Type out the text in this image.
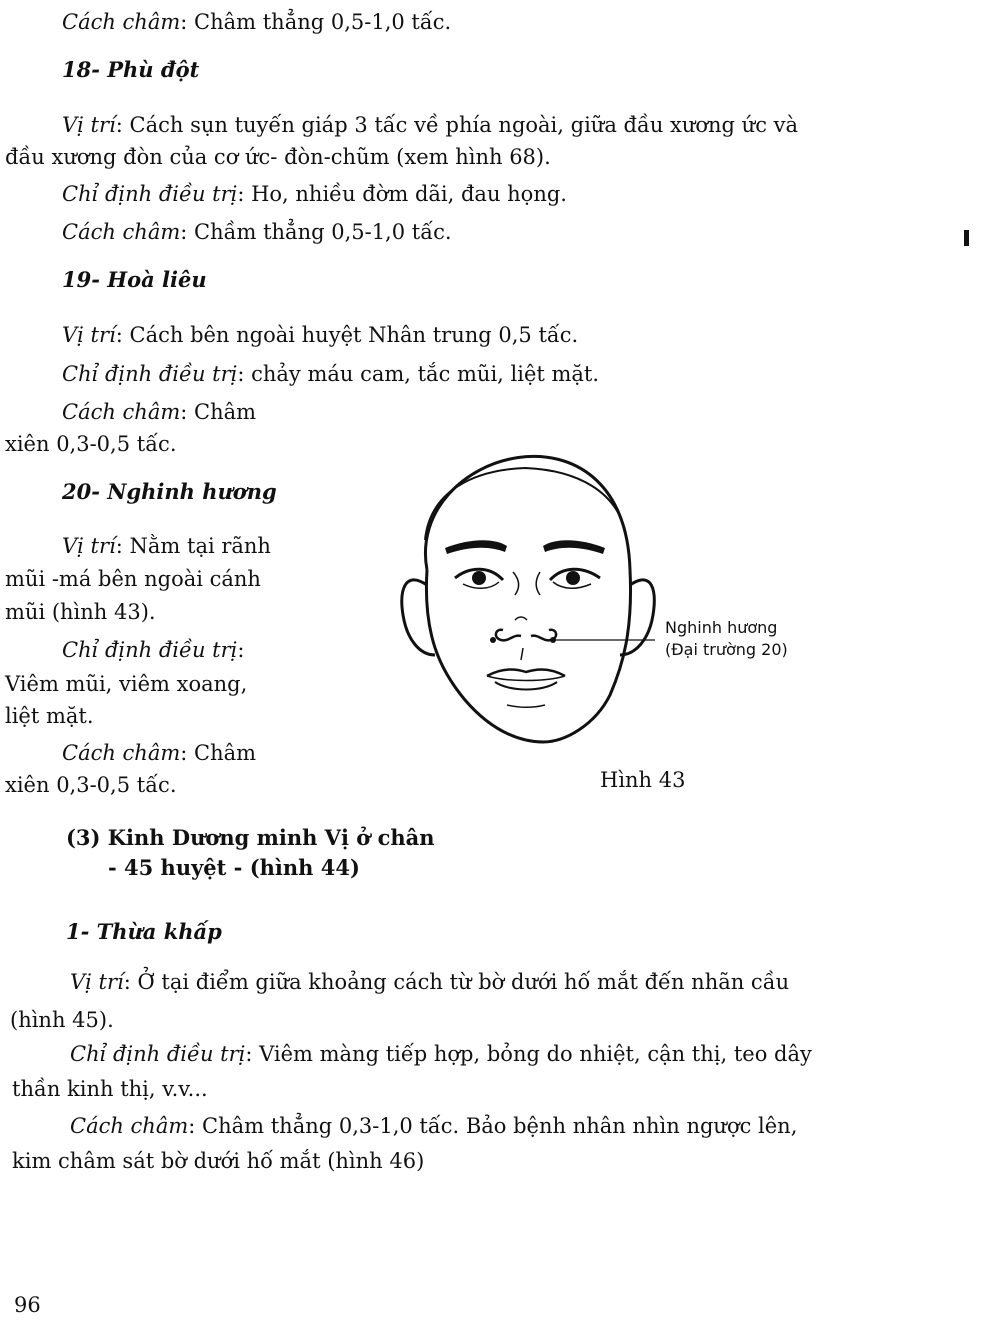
Cách châm: Châm thẳng 0,5-1,0 tấc.
18- Phù đột
Vị trí: Cách sụn tuyến giáp 3 tấc về phía ngoài, giữa đầu xương ức và
đầu xương đòn của cơ ức- đòn-chũm (xem hình 68).
Chỉ định điều trị: Ho, nhiều đờm dãi, đau họng.
Cách châm: Chầm thẳng 0,5-1,0 tấc.
19- Hoà liêu
Vị trí: Cách bên ngoài huyệt Nhân trung 0,5 tấc.
Chỉ định điều trị: chảy máu cam, tắc mũi, liệt mặt.
Cách châm: Châm
xiên 0,3-0,5 tấc.
20- Nghinh hương
Vị trí: Nằm tại rãnh
mũi -má bên ngoài cánh
mũi (hình 43).
Chỉ định điều trị:
Viêm mũi, viêm xoang,
liệt mặt.
Cách châm: Châm
xiên 0,3-0,5 tấc.
Nghinh hương
(Đại trường 20)
Hình 43
(3) Kinh Dương minh Vị ở chân
- 45 huyệt - (hình 44)
1- Thừa khấp
Vị trí: Ở tại điểm giữa khoảng cách từ bờ dưới hố mắt đến nhãn cầu
(hình 45).
Chỉ định điều trị: Viêm màng tiếp hợp, bỏng do nhiệt, cận thị, teo dây
thần kinh thị, v.v...
Cách châm: Châm thẳng 0,3-1,0 tấc. Bảo bệnh nhân nhìn ngược lên,
kim châm sát bờ dưới hố mắt (hình 46)
96
